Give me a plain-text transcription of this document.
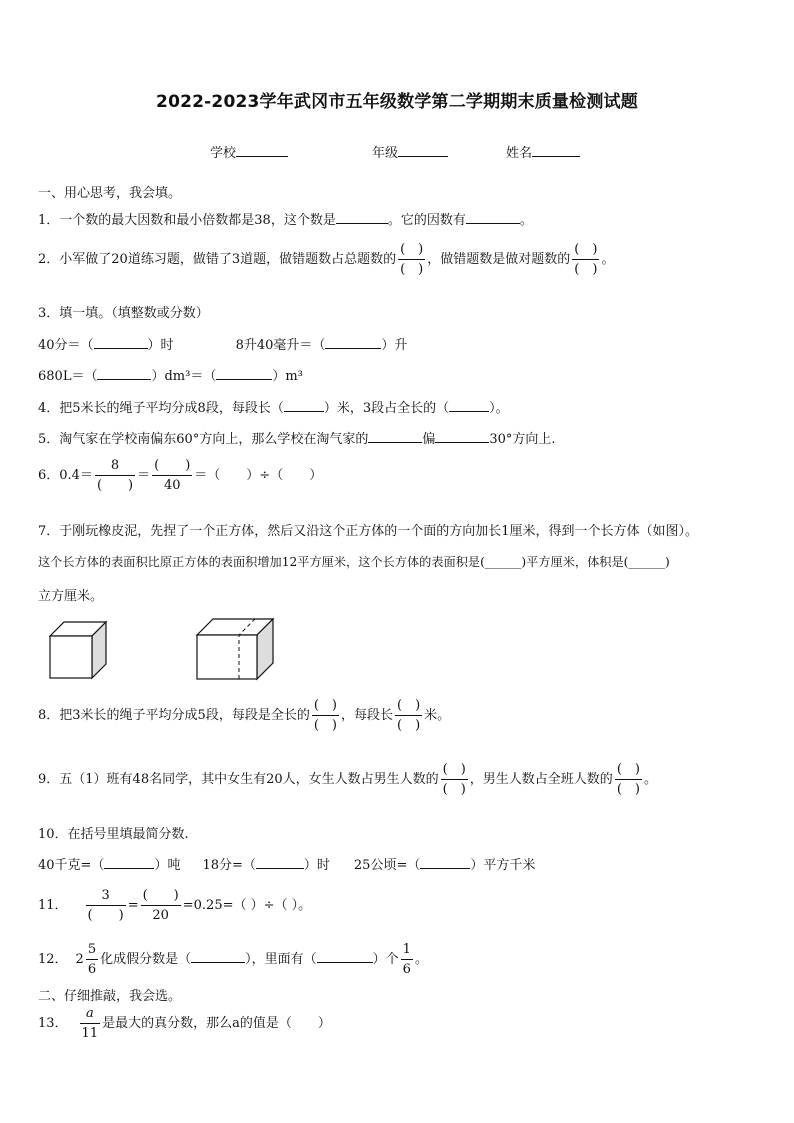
2022-2023学年武冈市五年级数学第二学期期末质量检测试题
学校	年级	姓名
一、用心思考，我会填。
1．一个数的最大因数和最小倍数都是38，这个数是	。它的因数有	。
2．小军做了20道练习题，做错了3道题，做错题数占总题数的 $\frac{( )}{( )}$ ，做错题数是做对题数的 $\frac{( )}{( )}$ 。
3．填一填。（填整数或分数）
40分＝（	）时	8升40毫升＝（	）升
680L＝（	）dm³＝（	）m³
4．把5米长的绳子平均分成8段，每段长（	）米，3段占全长的（	）。
5．淘气家在学校南偏东60°方向上，那么学校在淘气家的	偏	30°方向上.
6．$0.4= \frac{8}{( )} = \frac{( )}{40}$ ＝（　　）÷（　　）
7．于刚玩橡皮泥，先捏了一个正方体，然后又沿这个正方体的一个面的方向加长1厘米，得到一个长方体（如图）。
这个长方体的表面积比原正方体的表面积增加12平方厘米，这个长方体的表面积是(______)平方厘米，体积是(______)
立方厘米。
8．把3米长的绳子平均分成5段，每段是全长的 $\frac{( )}{( )}$ ，每段长 $\frac{( )}{( )}$ 米。
9．五（1）班有48名同学，其中女生有20人，女生人数占男生人数的 $\frac{( )}{( )}$ ，男生人数占全班人数的 $\frac{( )}{( )}$ 。
10．在括号里填最简分数.
40千克=（	）吨 18分=（	）时 25公顷=（	）平方千米
11． $\frac{3}{( )} = \frac{( )}{20} =0.25=$（ ）÷（ ）。
12． $2 \frac{5}{6}$ 化成假分数是（	），里面有（	）个 $\frac{1}{6}$ 。
二、仔细推敲，我会选。
13． $\frac{a}{11}$ 是最大的真分数，那么a的值是（　　）
